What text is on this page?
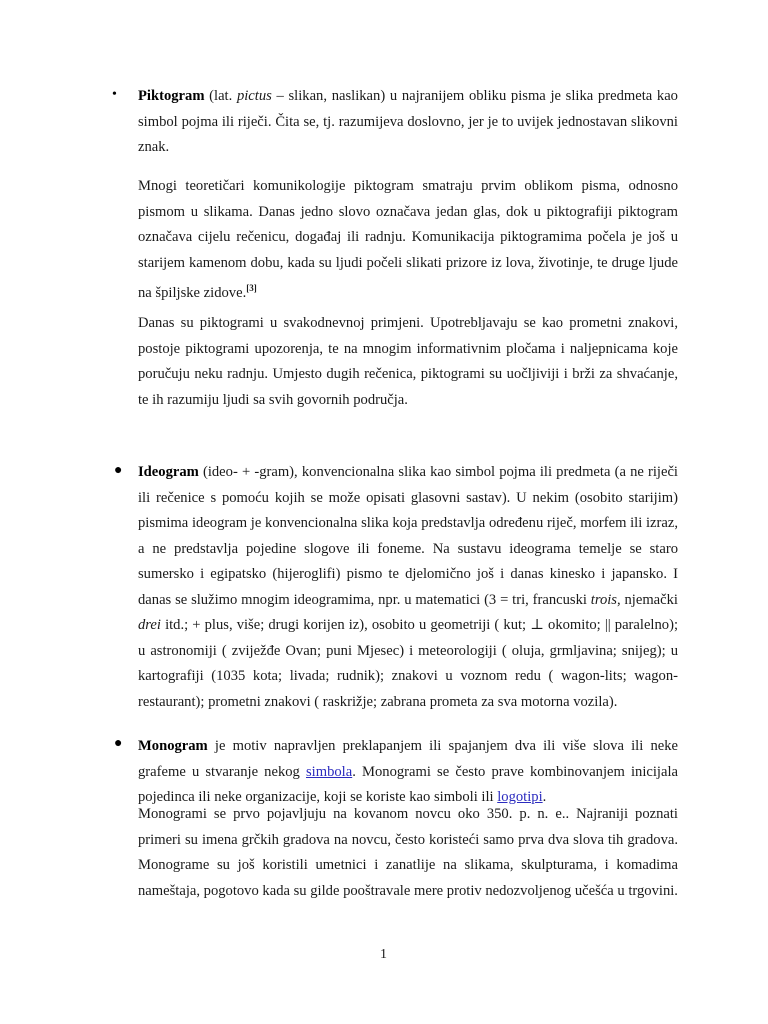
• Piktogram (lat. pictus – slikan, naslikan) u najranijem obliku pisma je slika predmeta kao simbol pojma ili riječi. Čita se, tj. razumijeva doslovno, jer je to uvijek jednostavan slikovni znak.

Mnogi teoretičari komunikologije piktogram smatraju prvim oblikom pisma, odnosno pismom u slikama. Danas jedno slovo označava jedan glas, dok u piktografiji piktogram označava cijelu rečenicu, događaj ili radnju. Komunikacija piktogramima počela je još u starijem kamenom dobu, kada su ljudi počeli slikati prizore iz lova, životinje, te druge ljude na špiljske zidove.[3]

Danas su piktogrami u svakodnevnoj primjeni. Upotrebljavaju se kao prometni znakovi, postoje piktogrami upozorenja, te na mnogim informativnim pločama i naljepnicama koje poručuju neku radnju. Umjesto dugih rečenica, piktogrami su uočljiviji i brži za shvaćanje, te ih razumiju ljudi sa svih govornih područja.

● Ideogram (ideo- + -gram), konvencionalna slika kao simbol pojma ili predmeta (a ne riječi ili rečenice s pomoću kojih se može opisati glasovni sastav). U nekim (osobito starijim) pismima ideogram je konvencionalna slika koja predstavlja određenu riječ, morfem ili izraz, a ne predstavlja pojedine slogove ili foneme. Na sustavu ideograma temelje se staro sumersko i egipatsko (hijeroglifi) pismo te djelomično još i danas kinesko i japansko. I danas se služimo mnogim ideogramima, npr. u matematici (3 = tri, francuski trois, njemački drei itd.; + plus, više; drugi korijen iz), osobito u geometriji ( kut; ⊥ okomito; || paralelno); u astronomiji ( zviježđe Ovan; puni Mjesec) i meteorologiji ( oluja, grmljavina; snijeg); u kartografiji (1035 kota; livada; rudnik); znakovi u voznom redu ( wagon-lits; wagon-restaurant); prometni znakovi ( raskrižje; zabrana prometa za sva motorna vozila).

● Monogram je motiv napravljen preklapanjem ili spajanjem dva ili više slova ili neke grafeme u stvaranje nekog simbola. Monogrami se često prave kombinovanjem inicijala pojedinca ili neke organizacije, koji se koriste kao simboli ili logotipi.

Monogrami se prvo pojavljuju na kovanom novcu oko 350. p. n. e.. Najraniji poznati primeri su imena grčkih gradova na novcu, često koristeći samo prva dva slova tih gradova. Monograme su još koristili umetnici i zanatlije na slikama, skulpturama, i komadima nameštaja, pogotovo kada su gilde pooštravale mere protiv nedozvoljenog učešća u trgovini.

1
